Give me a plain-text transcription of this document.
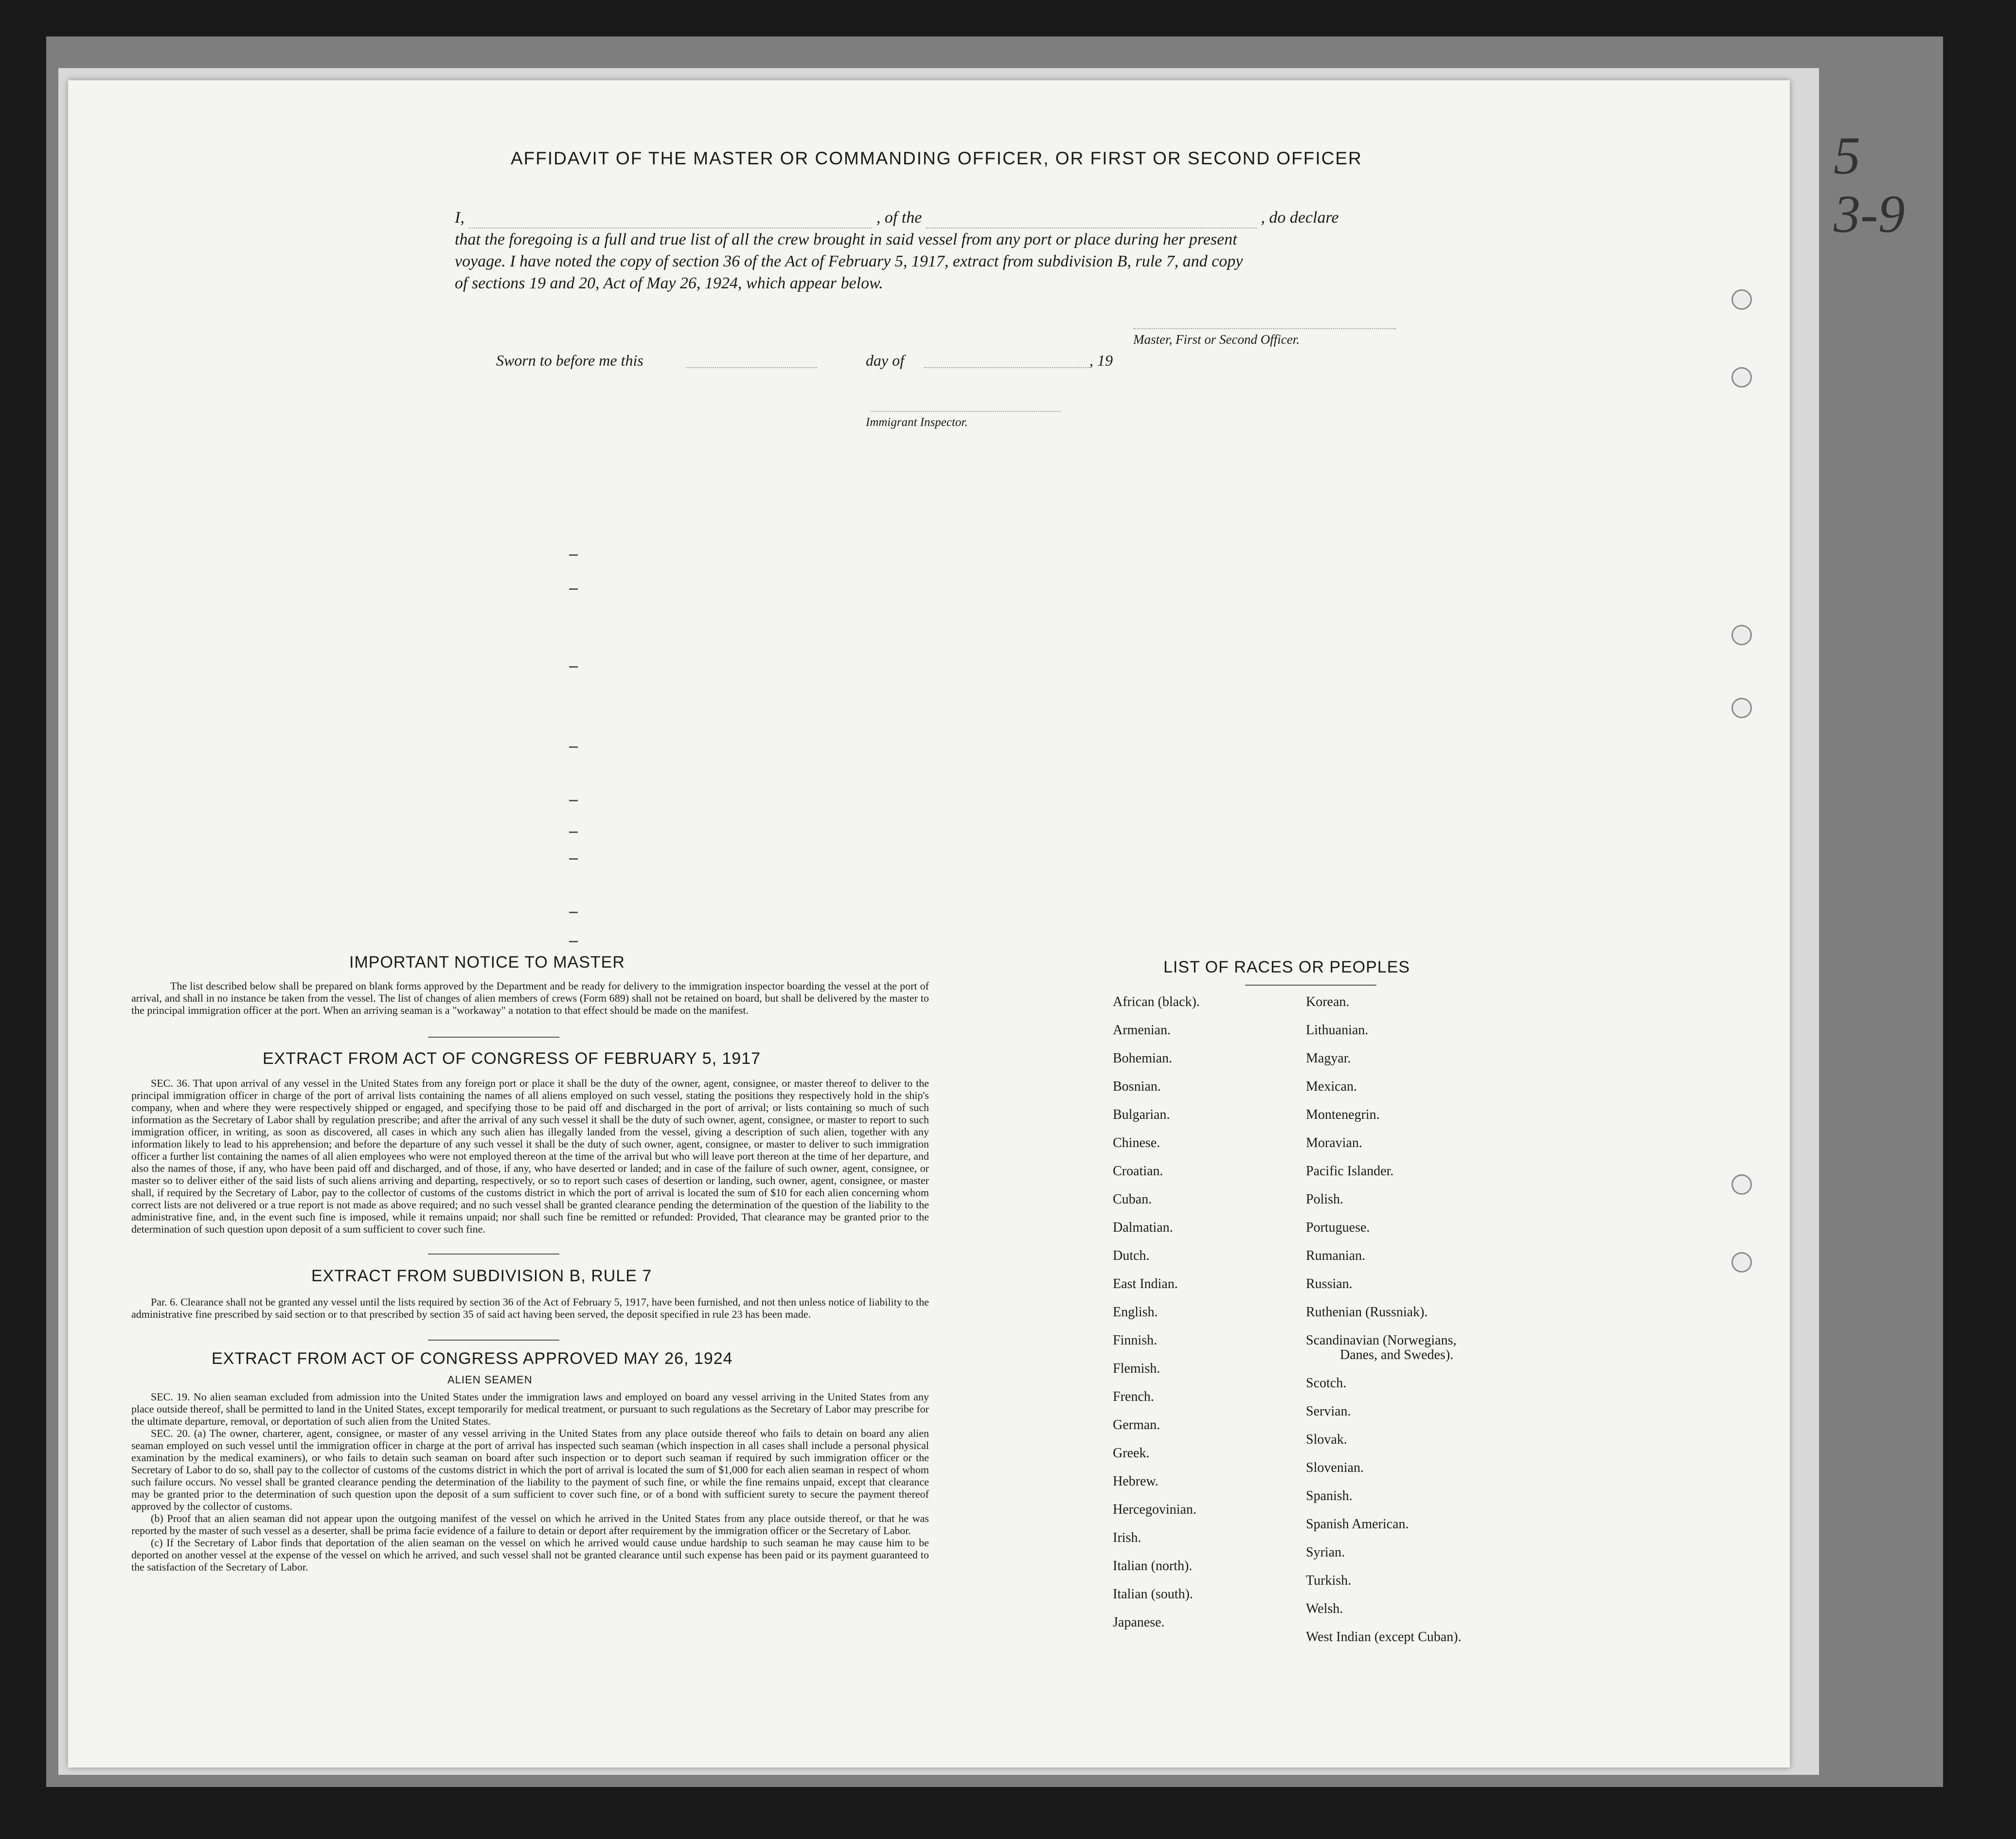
5
3-9
AFFIDAVIT OF THE MASTER OR COMMANDING OFFICER, OR FIRST OR SECOND OFFICER
I,	, of the	, do declare
that the foregoing is a full and true list of all the crew brought in said vessel from any port or place during her present
voyage. I have noted the copy of section 36 of the Act of February 5, 1917, extract from subdivision B, rule 7, and copy
of sections 19 and 20, Act of May 26, 1924, which appear below.
Master, First or Second Officer.
Sworn to before me this	day of	, 19
Immigrant Inspector.
IMPORTANT NOTICE TO MASTER
The list described below shall be prepared on blank forms approved by the Department and be ready for delivery to the immigration inspector boarding the vessel at the port of arrival, and shall in no instance be taken from the vessel. The list of changes of alien members of crews (Form 689) shall not be retained on board, but shall be delivered by the master to the principal immigration officer at the port. When an arriving seaman is a "workaway" a notation to that effect should be made on the manifest.
EXTRACT FROM ACT OF CONGRESS OF FEBRUARY 5, 1917
SEC. 36. That upon arrival of any vessel in the United States from any foreign port or place it shall be the duty of the owner, agent, consignee, or master thereof to deliver to the principal immigration officer in charge of the port of arrival lists containing the names of all aliens employed on such vessel, stating the positions they respectively hold in the ship's company, when and where they were respectively shipped or engaged, and specifying those to be paid off and discharged in the port of arrival; or lists containing so much of such information as the Secretary of Labor shall by regulation prescribe; and after the arrival of any such vessel it shall be the duty of such owner, agent, consignee, or master to report to such immigration officer, in writing, as soon as discovered, all cases in which any such alien has illegally landed from the vessel, giving a description of such alien, together with any information likely to lead to his apprehension; and before the departure of any such vessel it shall be the duty of such owner, agent, consignee, or master to deliver to such immigration officer a further list containing the names of all alien employees who were not employed thereon at the time of the arrival but who will leave port thereon at the time of her departure, and also the names of those, if any, who have been paid off and discharged, and of those, if any, who have deserted or landed; and in case of the failure of such owner, agent, consignee, or master so to deliver either of the said lists of such aliens arriving and departing, respectively, or so to report such cases of desertion or landing, such owner, agent, consignee, or master shall, if required by the Secretary of Labor, pay to the collector of customs of the customs district in which the port of arrival is located the sum of $10 for each alien concerning whom correct lists are not delivered or a true report is not made as above required; and no such vessel shall be granted clearance pending the determination of the question of the liability to the administrative fine, and, in the event such fine is imposed, while it remains unpaid; nor shall such fine be remitted or refunded: Provided, That clearance may be granted prior to the determination of such question upon deposit of a sum sufficient to cover such fine.
EXTRACT FROM SUBDIVISION B, RULE 7
Par. 6. Clearance shall not be granted any vessel until the lists required by section 36 of the Act of February 5, 1917, have been furnished, and not then unless notice of liability to the administrative fine prescribed by said section or to that prescribed by section 35 of said act having been served, the deposit specified in rule 23 has been made.
EXTRACT FROM ACT OF CONGRESS APPROVED MAY 26, 1924
ALIEN SEAMEN
SEC. 19. No alien seaman excluded from admission into the United States under the immigration laws and employed on board any vessel arriving in the United States from any place outside thereof, shall be permitted to land in the United States, except temporarily for medical treatment, or pursuant to such regulations as the Secretary of Labor may prescribe for the ultimate departure, removal, or deportation of such alien from the United States.
SEC. 20. (a) The owner, charterer, agent, consignee, or master of any vessel arriving in the United States from any place outside thereof who fails to detain on board any alien seaman employed on such vessel until the immigration officer in charge at the port of arrival has inspected such seaman (which inspection in all cases shall include a personal physical examination by the medical examiners), or who fails to detain such seaman on board after such inspection or to deport such seaman if required by such immigration officer or the Secretary of Labor to do so, shall pay to the collector of customs of the customs district in which the port of arrival is located the sum of $1,000 for each alien seaman in respect of whom such failure occurs. No vessel shall be granted clearance pending the determination of the liability to the payment of such fine, or while the fine remains unpaid, except that clearance may be granted prior to the determination of such question upon the deposit of a sum sufficient to cover such fine, or of a bond with sufficient surety to secure the payment thereof approved by the collector of customs.
(b) Proof that an alien seaman did not appear upon the outgoing manifest of the vessel on which he arrived in the United States from any place outside thereof, or that he was reported by the master of such vessel as a deserter, shall be prima facie evidence of a failure to detain or deport after requirement by the immigration officer or the Secretary of Labor.
(c) If the Secretary of Labor finds that deportation of the alien seaman on the vessel on which he arrived would cause undue hardship to such seaman he may cause him to be deported on another vessel at the expense of the vessel on which he arrived, and such vessel shall not be granted clearance until such expense has been paid or its payment guaranteed to the satisfaction of the Secretary of Labor.
LIST OF RACES OR PEOPLES
African (black).
Armenian.
Bohemian.
Bosnian.
Bulgarian.
Chinese.
Croatian.
Cuban.
Dalmatian.
Dutch.
East Indian.
English.
Finnish.
Flemish.
French.
German.
Greek.
Hebrew.
Hercegovinian.
Irish.
Italian (north).
Italian (south).
Japanese.
Korean.
Lithuanian.
Magyar.
Mexican.
Montenegrin.
Moravian.
Pacific Islander.
Polish.
Portuguese.
Rumanian.
Russian.
Ruthenian (Russniak).
Scandinavian (Norwegians,
Danes, and Swedes).
Scotch.
Servian.
Slovak.
Slovenian.
Spanish.
Spanish American.
Syrian.
Turkish.
Welsh.
West Indian (except Cuban).
